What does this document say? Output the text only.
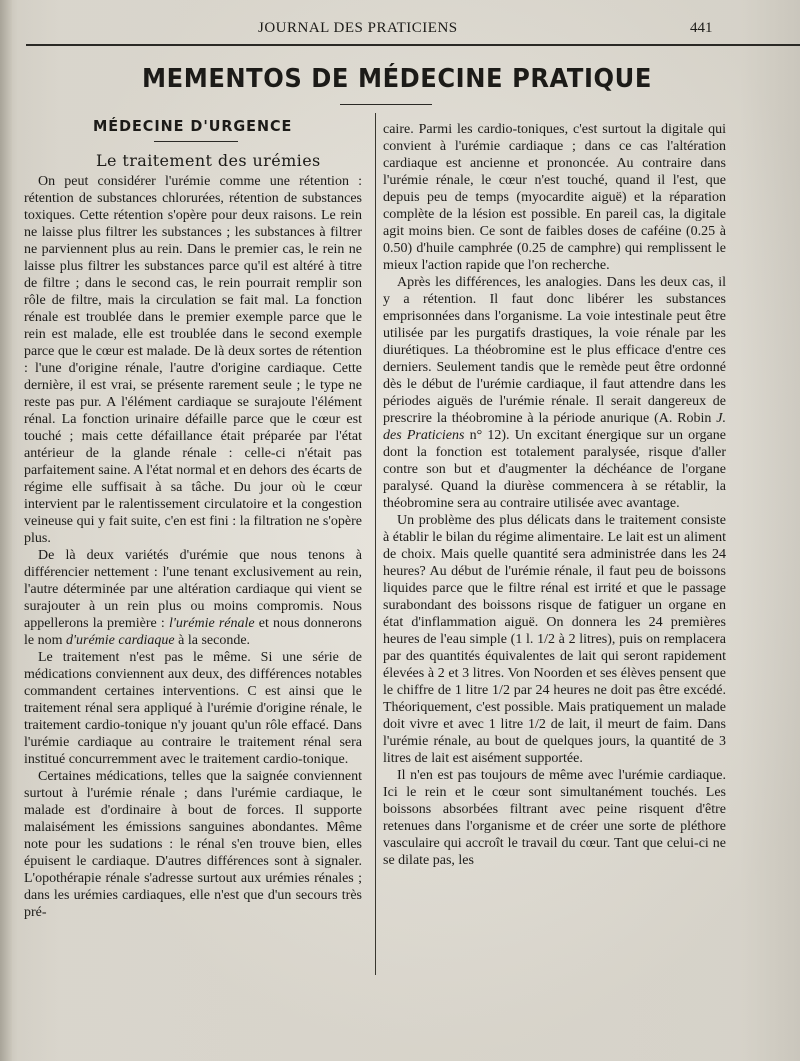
JOURNAL DES PRATICIENS	441
MEMENTOS DE MÉDECINE PRATIQUE
MÉDECINE D'URGENCE
Le traitement des urémies

On peut considérer l'urémie comme une rétention : rétention de substances chlorurées, rétention de substances toxiques. Cette rétention s'opère pour deux raisons. Le rein ne laisse plus filtrer les substances ; les substances à filtrer ne parviennent plus au rein. Dans le premier cas, le rein ne laisse plus filtrer les substances parce qu'il est altéré à titre de filtre ; dans le second cas, le rein pourrait remplir son rôle de filtre, mais la circulation se fait mal. La fonction rénale est troublée dans le premier exemple parce que le rein est malade, elle est troublée dans le second exemple parce que le cœur est malade. De là deux sortes de rétention : l'une d'origine rénale, l'autre d'origine cardiaque. Cette dernière, il est vrai, se présente rarement seule ; le type ne reste pas pur. A l'élément cardiaque se surajoute l'élément rénal. La fonction urinaire défaille parce que le cœur est touché ; mais cette défaillance était préparée par l'état antérieur de la glande rénale : celle-ci n'était pas parfaitement saine. A l'état normal et en dehors des écarts de régime elle suffisait à sa tâche. Du jour où le cœur intervient par le ralentissement circulatoire et la congestion veineuse qui y fait suite, c'en est fini : la filtration ne s'opère plus.

De là deux variétés d'urémie que nous tenons à différencier nettement : l'une tenant exclusivement au rein, l'autre déterminée par une altération cardiaque qui vient se surajouter à un rein plus ou moins compromis. Nous appellerons la première : l'urémie rénale et nous donnerons le nom d'urémie cardiaque à la seconde.

Le traitement n'est pas le même. Si une série de médications conviennent aux deux, des différences notables commandent certaines interventions. C est ainsi que le traitement rénal sera appliqué à l'urémie d'origine rénale, le traitement cardio-tonique n'y jouant qu'un rôle effacé. Dans l'urémie cardiaque au contraire le traitement rénal sera institué concurremment avec le traitement cardio-tonique.

Certaines médications, telles que la saignée conviennent surtout à l'urémie rénale ; dans l'urémie cardiaque, le malade est d'ordinaire à bout de forces. Il supporte malaisément les émissions sanguines abondantes. Même note pour les sudations : le rénal s'en trouve bien, elles épuisent le cardiaque. D'autres différences sont à signaler. L'opothérapie rénale s'adresse surtout aux urémies rénales ; dans les urémies cardiaques, elle n'est que d'un secours très pré-

caire. Parmi les cardio-toniques, c'est surtout la digitale qui convient à l'urémie cardiaque ; dans ce cas l'altération cardiaque est ancienne et prononcée. Au contraire dans l'urémie rénale, le cœur n'est touché, quand il l'est, que depuis peu de temps (myocardite aiguë) et la réparation complète de la lésion est possible. En pareil cas, la digitale agit moins bien. Ce sont de faibles doses de caféine (0.25 à 0.50) d'huile camphrée (0.25 de camphre) qui remplissent le mieux l'action rapide que l'on recherche.

Après les différences, les analogies. Dans les deux cas, il y a rétention. Il faut donc libérer les substances emprisonnées dans l'organisme. La voie intestinale peut être utilisée par les purgatifs drastiques, la voie rénale par les diurétiques. La théobromine est le plus efficace d'entre ces derniers. Seulement tandis que le remède peut être ordonné dès le début de l'urémie cardiaque, il faut attendre dans les périodes aiguës de l'urémie rénale. Il serait dangereux de prescrire la théobromine à la période anurique (A. Robin J. des Praticiens n° 12). Un excitant énergique sur un organe dont la fonction est totalement paralysée, risque d'aller contre son but et d'augmenter la déchéance de l'organe paralysé. Quand la diurèse commencera à se rétablir, la théobromine sera au contraire utilisée avec avantage.

Un problème des plus délicats dans le traitement consiste à établir le bilan du régime alimentaire. Le lait est un aliment de choix. Mais quelle quantité sera administrée dans les 24 heures? Au début de l'urémie rénale, il faut peu de boissons liquides parce que le filtre rénal est irrité et que le passage surabondant des boissons risque de fatiguer un organe en état d'inflammation aiguë. On donnera les 24 premières heures de l'eau simple (1 l. 1/2 à 2 litres), puis on remplacera par des quantités équivalentes de lait qui seront rapidement élevées à 2 et 3 litres. Von Noorden et ses élèves pensent que le chiffre de 1 litre 1/2 par 24 heures ne doit pas être excédé. Théoriquement, c'est possible. Mais pratiquement un malade doit vivre et avec 1 litre 1/2 de lait, il meurt de faim. Dans l'urémie rénale, au bout de quelques jours, la quantité de 3 litres de lait est aisément supportée.

Il n'en est pas toujours de même avec l'urémie cardiaque. Ici le rein et le cœur sont simultanément touchés. Les boissons absorbées filtrant avec peine risquent d'être retenues dans l'organisme et de créer une sorte de pléthore vasculaire qui accroît le travail du cœur. Tant que celui-ci ne se dilate pas, les
